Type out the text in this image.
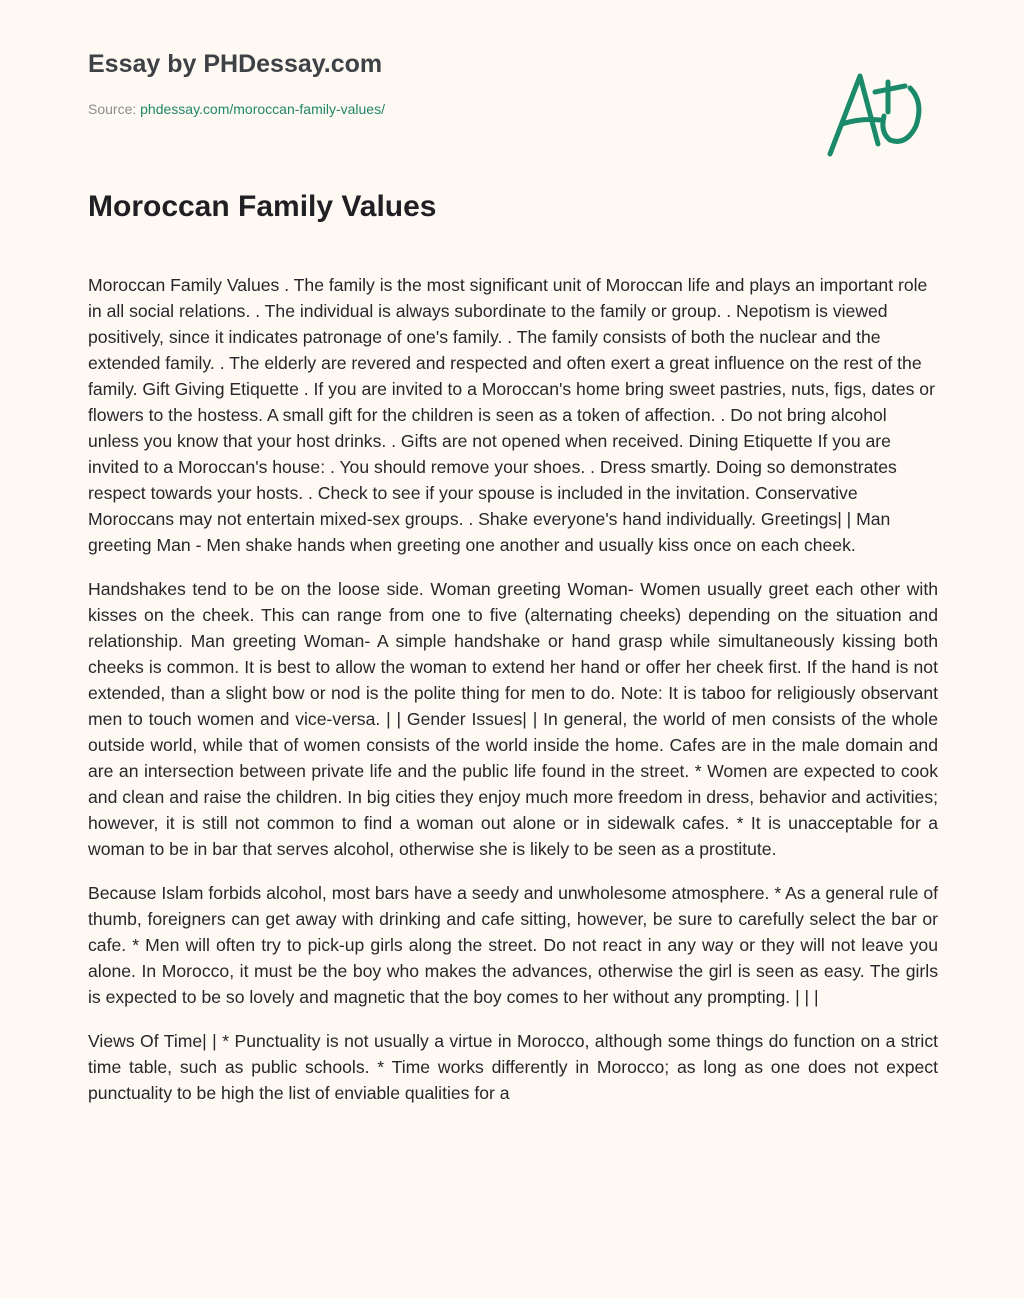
Essay by PHDessay.com
Source: phdessay.com/moroccan-family-values/
Moroccan Family Values

Moroccan Family Values . The family is the most significant unit of Moroccan life and plays an important role in all social relations. . The individual is always subordinate to the family or group. . Nepotism is viewed positively, since it indicates patronage of one's family. . The family consists of both the nuclear and the extended family. . The elderly are revered and respected and often exert a great influence on the rest of the family. Gift Giving Etiquette . If you are invited to a Moroccan's home bring sweet pastries, nuts, figs, dates or flowers to the hostess. A small gift for the children is seen as a token of affection. . Do not bring alcohol unless you know that your host drinks. . Gifts are not opened when received. Dining Etiquette If you are invited to a Moroccan's house: . You should remove your shoes. . Dress smartly. Doing so demonstrates respect towards your hosts. . Check to see if your spouse is included in the invitation. Conservative Moroccans may not entertain mixed-sex groups. . Shake everyone's hand individually. Greetings| | Man greeting Man - Men shake hands when greeting one another and usually kiss once on each cheek.

Handshakes tend to be on the loose side. Woman greeting Woman- Women usually greet each other with kisses on the cheek. This can range from one to five (alternating cheeks) depending on the situation and relationship. Man greeting Woman- A simple handshake or hand grasp while simultaneously kissing both cheeks is common. It is best to allow the woman to extend her hand or offer her cheek first. If the hand is not extended, than a slight bow or nod is the polite thing for men to do. Note: It is taboo for religiously observant men to touch women and vice-versa. | | Gender Issues| | In general, the world of men consists of the whole outside world, while that of women consists of the world inside the home. Cafes are in the male domain and are an intersection between private life and the public life found in the street. * Women are expected to cook and clean and raise the children. In big cities they enjoy much more freedom in dress, behavior and activities; however, it is still not common to find a woman out alone or in sidewalk cafes. * It is unacceptable for a woman to be in bar that serves alcohol, otherwise she is likely to be seen as a prostitute.

Because Islam forbids alcohol, most bars have a seedy and unwholesome atmosphere. * As a general rule of thumb, foreigners can get away with drinking and cafe sitting, however, be sure to carefully select the bar or cafe. * Men will often try to pick-up girls along the street. Do not react in any way or they will not leave you alone. In Morocco, it must be the boy who makes the advances, otherwise the girl is seen as easy. The girls is expected to be so lovely and magnetic that the boy comes to her without any prompting. | | |

Views Of Time| | * Punctuality is not usually a virtue in Morocco, although some things do function on a strict time table, such as public schools. * Time works differently in Morocco; as long as one does not expect punctuality to be high the list of enviable qualities for a
